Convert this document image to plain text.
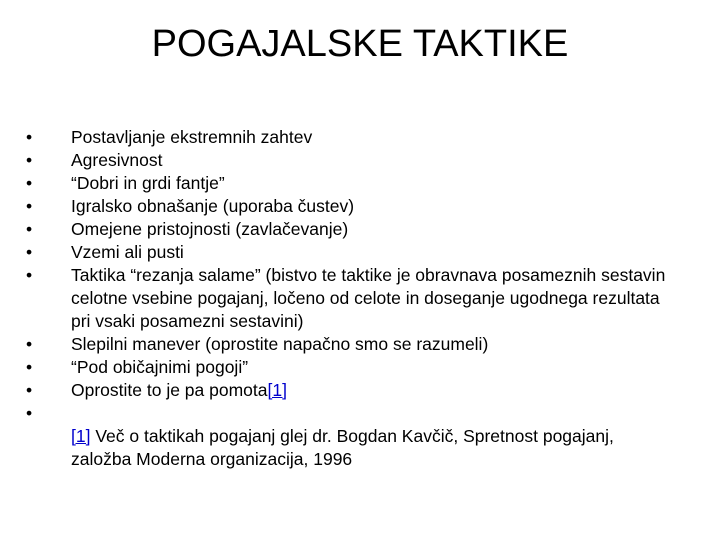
POGAJALSKE TAKTIKE
•	Postavljanje ekstremnih zahtev
•	Agresivnost
•	“Dobri in grdi fantje”
•	Igralsko obnašanje (uporaba čustev)
•	Omejene pristojnosti (zavlačevanje)
•	Vzemi ali pusti
•	Taktika “rezanja salame” (bistvo te taktike je obravnava posameznih sestavin celotne vsebine pogajanj, ločeno od celote in doseganje ugodnega rezultata pri vsaki posamezni sestavini)
•	Slepilni manever (oprostite napačno smo se razumeli)
•	“Pod običajnimi pogoji”
•	Oprostite to je pa pomota[1]
•
[1] Več o taktikah pogajanj glej dr. Bogdan Kavčič, Spretnost pogajanj, založba Moderna organizacija, 1996
